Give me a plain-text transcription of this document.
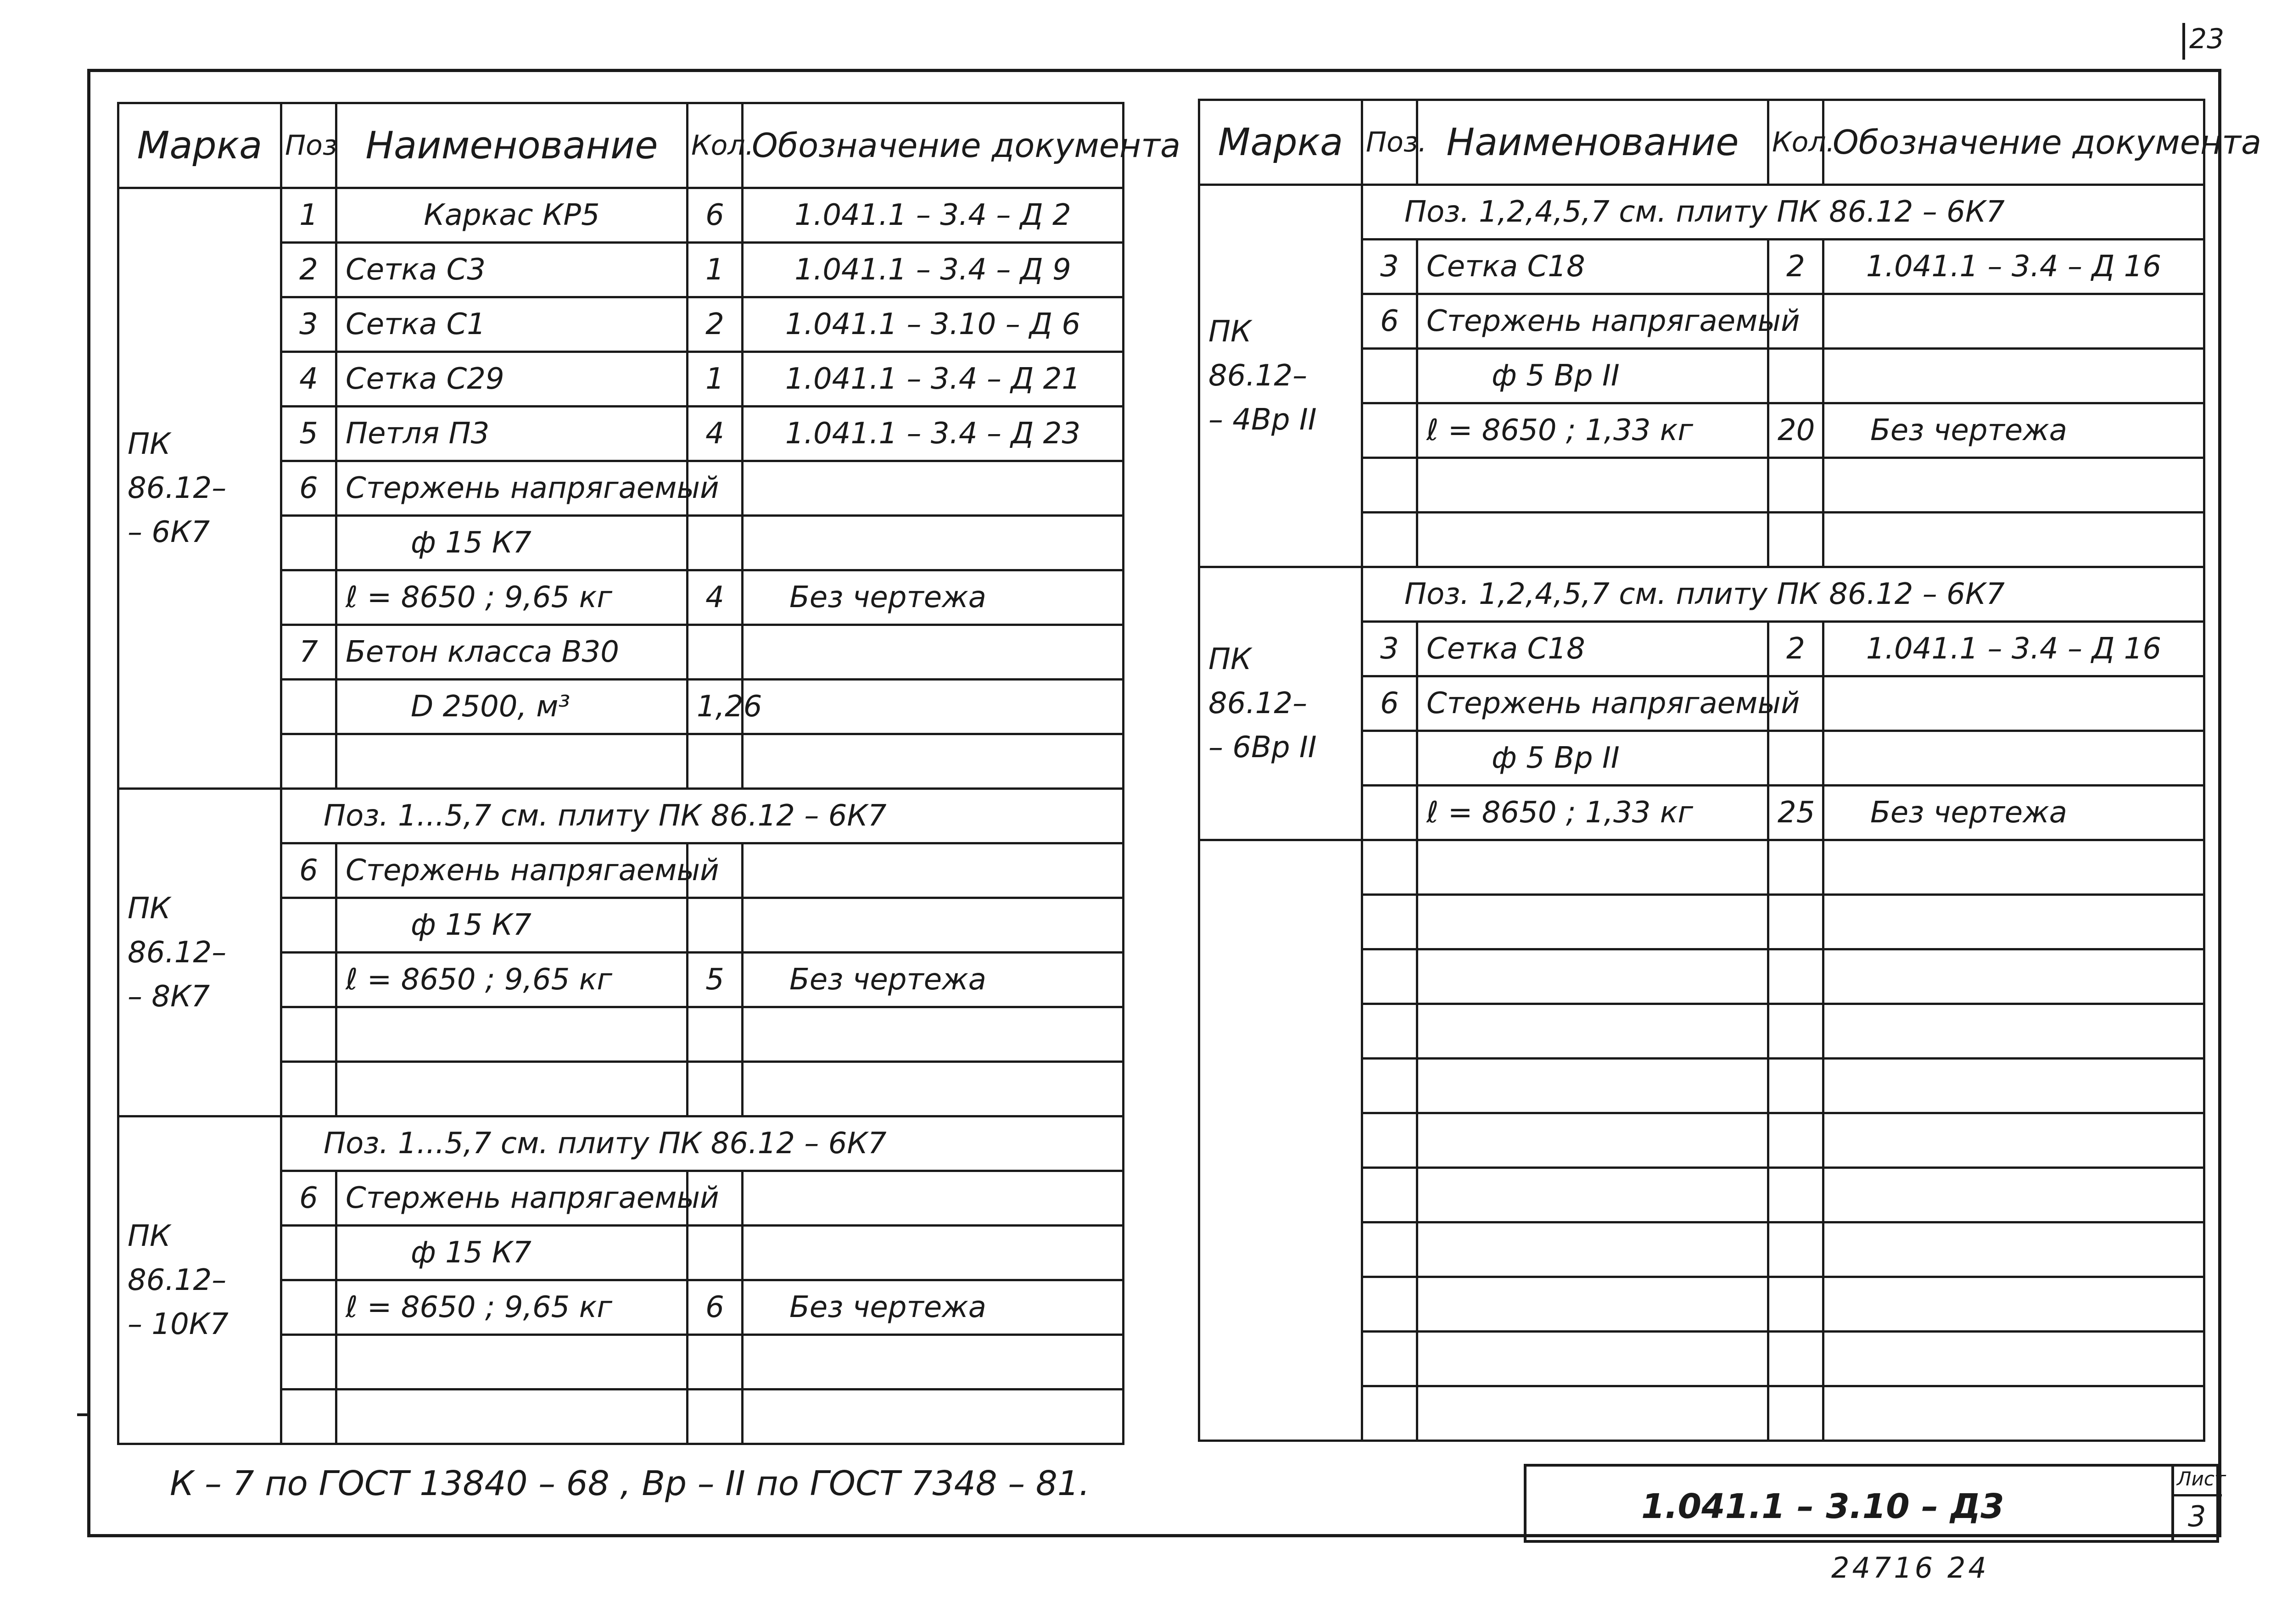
23
Марка	Поз	Наименование	Кол.	Обозначение документа
ПК 86.12–
– 6К7	1	Каркас КР5	6	1.041.1 – 3.4 – Д 2
	2	Сетка С3	1	1.041.1 – 3.4 – Д 9
	3	Сетка С1	2	1.041.1 – 3.10 – Д 6
	4	Сетка С29	1	1.041.1 – 3.4 – Д 21
	5	Петля П3	4	1.041.1 – 3.4 – Д 23
	6	Стержень напрягаемый		
		ф 15 К7		
		ℓ = 8650 ; 9,65 кг	4	Без чертежа
	7	Бетон класса В30		
		D 2500, м³	1,26	

ПК 86.12–
– 8К7	Поз. 1...5,7 см. плиту ПК 86.12 – 6К7			
	6	Стержень напрягаемый		
		ф 15 К7		
		ℓ = 8650 ; 9,65 кг	5	Без чертежа

ПК 86.12–
– 10К7	Поз. 1...5,7 см. плиту ПК 86.12 – 6К7			
	6	Стержень напрягаемый		
		ф 15 К7		
		ℓ = 8650 ; 9,65 кг	6	Без чертежа

Марка	Поз.	Наименование	Кол.	Обозначение документа
ПК 86.12–
– 4Вр II	Поз. 1,2,4,5,7 см. плиту ПК 86.12 – 6К7			
	3	Сетка С18	2	1.041.1 – 3.4 – Д 16
	6	Стержень напрягаемый		
		ф 5 Вр II		
		ℓ = 8650 ; 1,33 кг	20	Без чертежа

ПК 86.12–
– 6Вр II	Поз. 1,2,4,5,7 см. плиту ПК 86.12 – 6К7			
	3	Сетка С18	2	1.041.1 – 3.4 – Д 16
	6	Стержень напрягаемый		
		ф 5 Вр II		
		ℓ = 8650 ; 1,33 кг	25	Без чертежа

К – 7 по ГОСТ 13840 – 68 , Вр – II по ГОСТ 7348 – 81.
1.041.1 – 3.10 – Д3
Лист
3
24716 24
